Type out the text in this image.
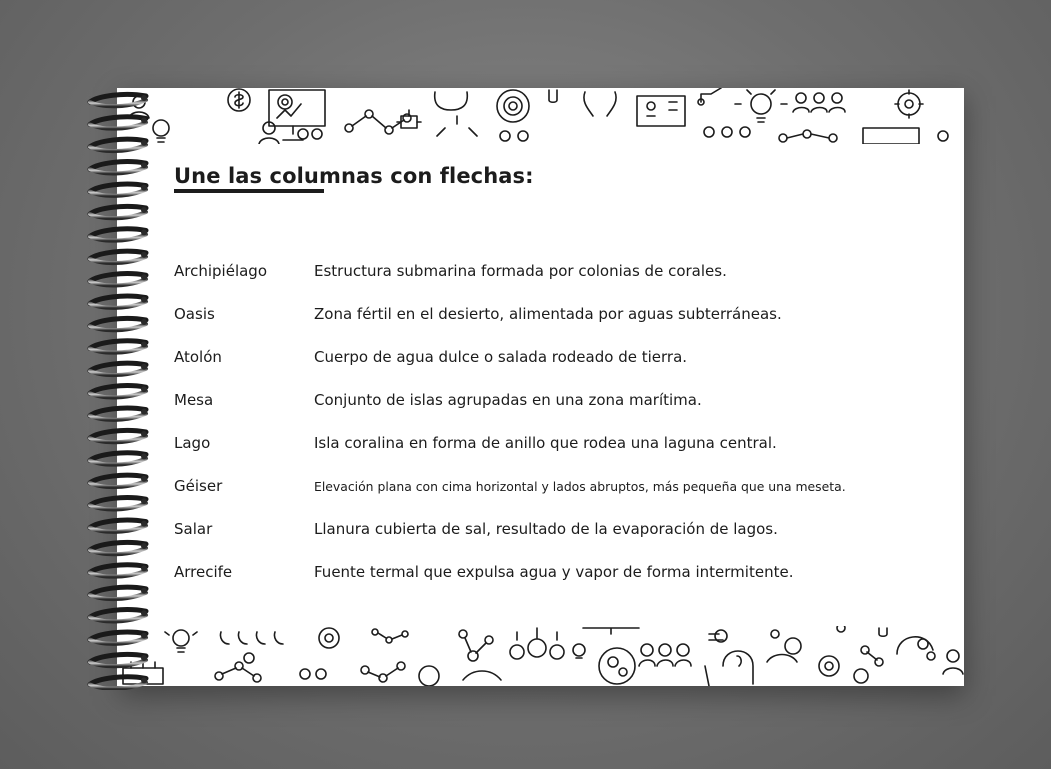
Une las columnas con flechas:
Archipiélago	Estructura submarina formada por colonias de corales.
Oasis	Zona fértil en el desierto, alimentada por aguas subterráneas.
Atolón	Cuerpo de agua dulce o salada rodeado de tierra.
Mesa	Conjunto de islas agrupadas en una zona marítima.
Lago	Isla coralina en forma de anillo que rodea una laguna central.
Géiser	Elevación plana con cima horizontal y lados abruptos, más pequeña que una meseta.
Salar	Llanura cubierta de sal, resultado de la evaporación de lagos.
Arrecife	Fuente termal que expulsa agua y vapor de forma intermitente.
